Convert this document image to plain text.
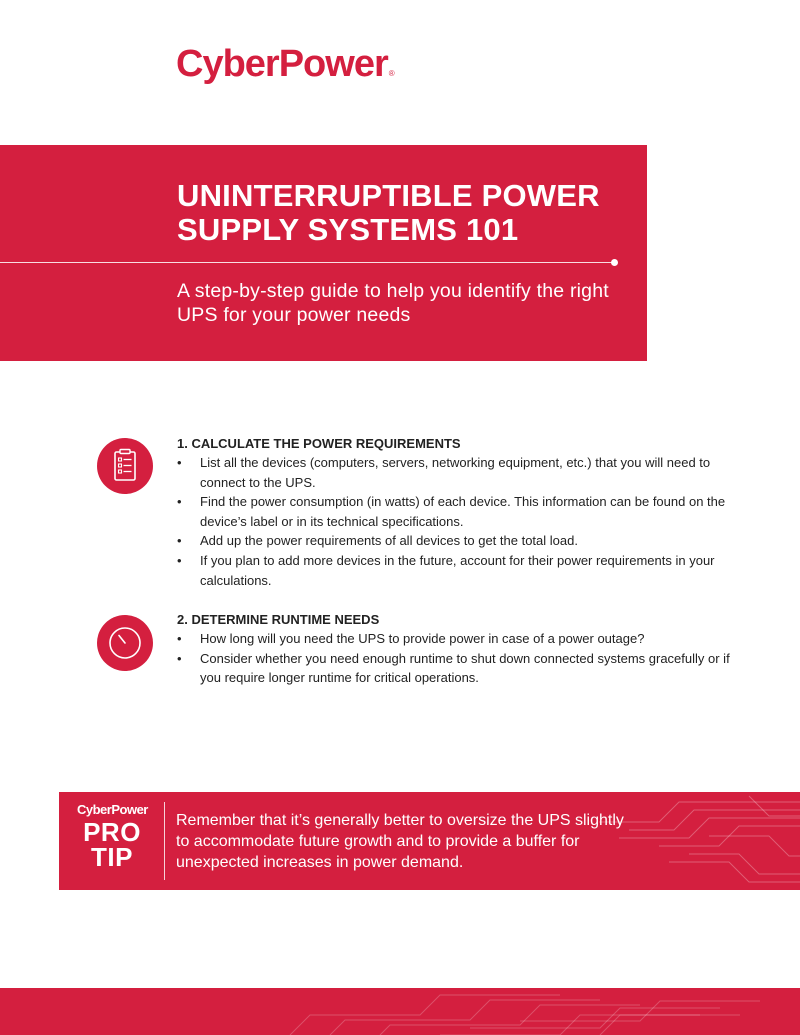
CyberPower®
UNINTERRUPTIBLE POWER SUPPLY SYSTEMS 101
A step-by-step guide to help you identify the right UPS for your power needs
1. CALCULATE THE POWER REQUIREMENTS
• List all the devices (computers, servers, networking equipment, etc.) that you will need to connect to the UPS.
• Find the power consumption (in watts) of each device. This information can be found on the device’s label or in its technical specifications.
• Add up the power requirements of all devices to get the total load.
• If you plan to add more devices in the future, account for their power requirements in your calculations.
2. DETERMINE RUNTIME NEEDS
• How long will you need the UPS to provide power in case of a power outage?
• Consider whether you need enough runtime to shut down connected systems gracefully or if you require longer runtime for critical operations.
CyberPower
PRO
TIP
Remember that it’s generally better to oversize the UPS slightly to accommodate future growth and to provide a buffer for unexpected increases in power demand.
